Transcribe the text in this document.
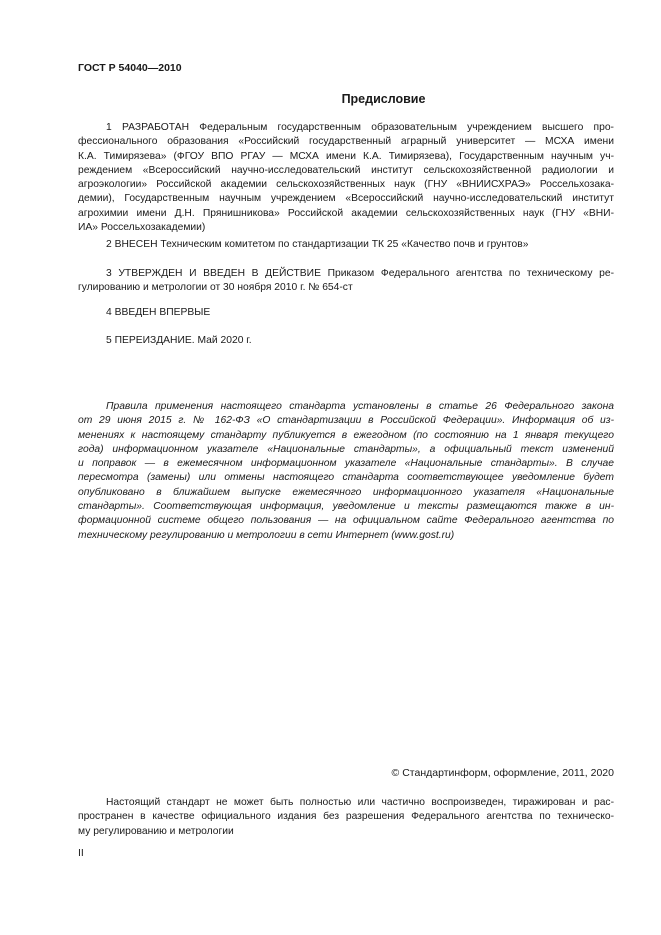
ГОСТ Р 54040—2010
Предисловие
1 РАЗРАБОТАН Федеральным государственным образовательным учреждением высшего про-
фессионального образования «Российский государственный аграрный университет — МСХА имени
К.А. Тимирязева» (ФГОУ ВПО РГАУ — МСХА имени К.А. Тимирязева), Государственным научным уч-
реждением «Всероссийский научно-исследовательский институт сельскохозяйственной радиологии и
агроэкологии» Российской академии сельскохозяйственных наук (ГНУ «ВНИИСХРАЭ» Россельхозака-
демии), Государственным научным учреждением «Всероссийский научно-исследовательский институт
агрохимии имени Д.Н. Прянишникова» Российской академии сельскохозяйственных наук (ГНУ «ВНИ-
ИА» Россельхозакадемии)
2 ВНЕСЕН Техническим комитетом по стандартизации ТК 25 «Качество почв и грунтов»
3 УТВЕРЖДЕН И ВВЕДЕН В ДЕЙСТВИЕ Приказом Федерального агентства по техническому ре-
гулированию и метрологии от 30 ноября 2010 г. № 654-ст
4 ВВЕДЕН ВПЕРВЫЕ
5 ПЕРЕИЗДАНИЕ. Май 2020 г.
Правила применения настоящего стандарта установлены в статье 26 Федерального закона
от 29 июня 2015 г. № 162-ФЗ «О стандартизации в Российской Федерации». Информация об из-
менениях к настоящему стандарту публикуется в ежегодном (по состоянию на 1 января текущего
года) информационном указателе «Национальные стандарты», а официальный текст изменений
и поправок — в ежемесячном информационном указателе «Национальные стандарты». В случае
пересмотра (замены) или отмены настоящего стандарта соответствующее уведомление будет
опубликовано в ближайшем выпуске ежемесячного информационного указателя «Национальные
стандарты». Соответствующая информация, уведомление и тексты размещаются также в ин-
формационной системе общего пользования — на официальном сайте Федерального агентства по
техническому регулированию и метрологии в сети Интернет (www.gost.ru)
© Стандартинформ, оформление, 2011, 2020
Настоящий стандарт не может быть полностью или частично воспроизведен, тиражирован и рас-
пространен в качестве официального издания без разрешения Федерального агентства по техническо-
му регулированию и метрологии
II
